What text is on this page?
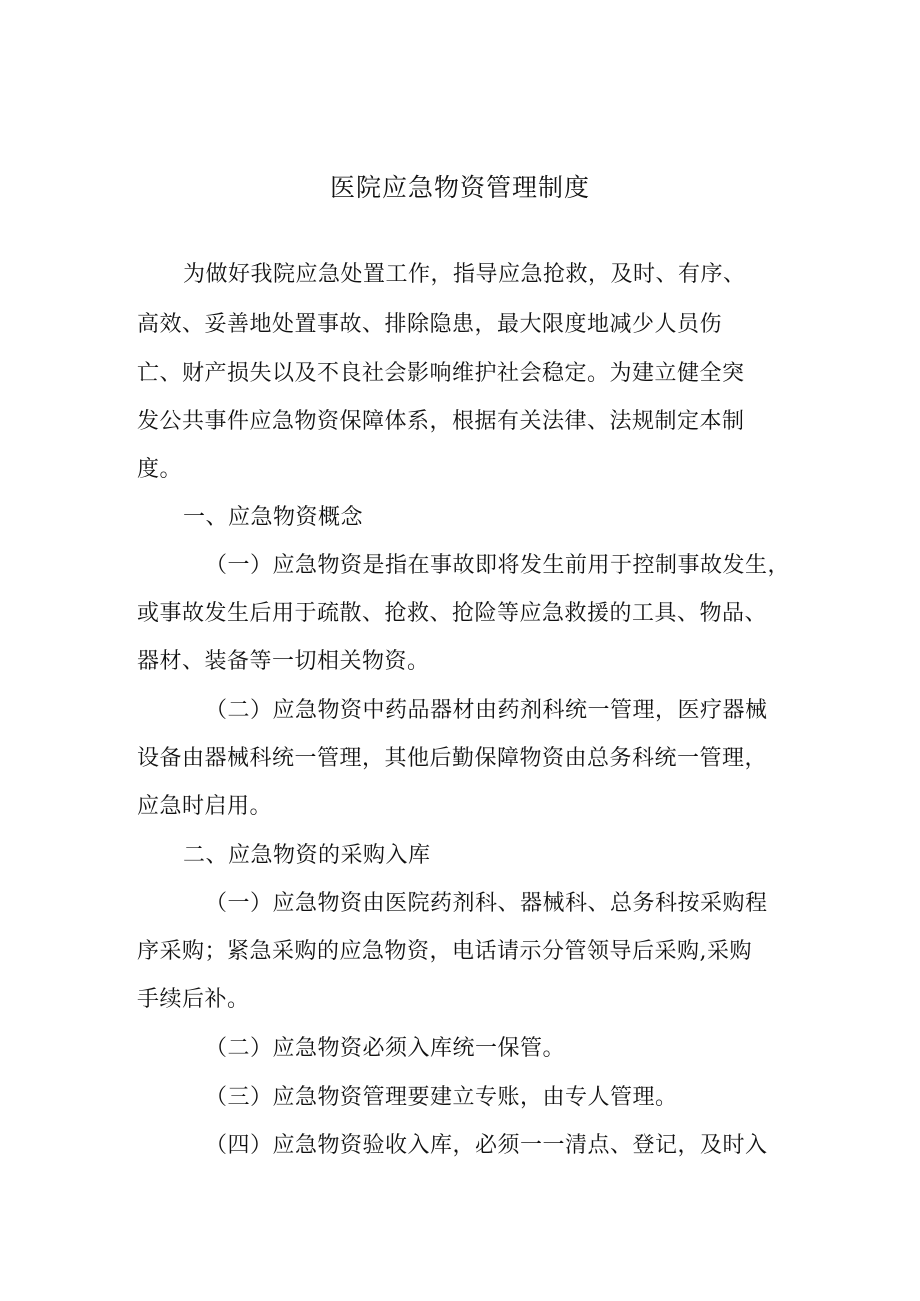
医院应急物资管理制度
为做好我院应急处置工作，指导应急抢救，及时、有序、
高效、妥善地处置事故、排除隐患，最大限度地减少人员伤
亡、财产损失以及不良社会影响维护社会稳定。为建立健全突
发公共事件应急物资保障体系，根据有关法律、法规制定本制
度。
一、应急物资概念
（一）应急物资是指在事故即将发生前用于控制事故发生，
或事故发生后用于疏散、抢救、抢险等应急救援的工具、物品、
器材、装备等一切相关物资。
（二）应急物资中药品器材由药剂科统一管理，医疗器械
设备由器械科统一管理，其他后勤保障物资由总务科统一管理，
应急时启用。
二、应急物资的采购入库
（一）应急物资由医院药剂科、器械科、总务科按采购程
序采购；紧急采购的应急物资，电话请示分管领导后采购,采购
手续后补。
（二）应急物资必须入库统一保管。
（三）应急物资管理要建立专账，由专人管理。
（四）应急物资验收入库，必须一一清点、登记，及时入
